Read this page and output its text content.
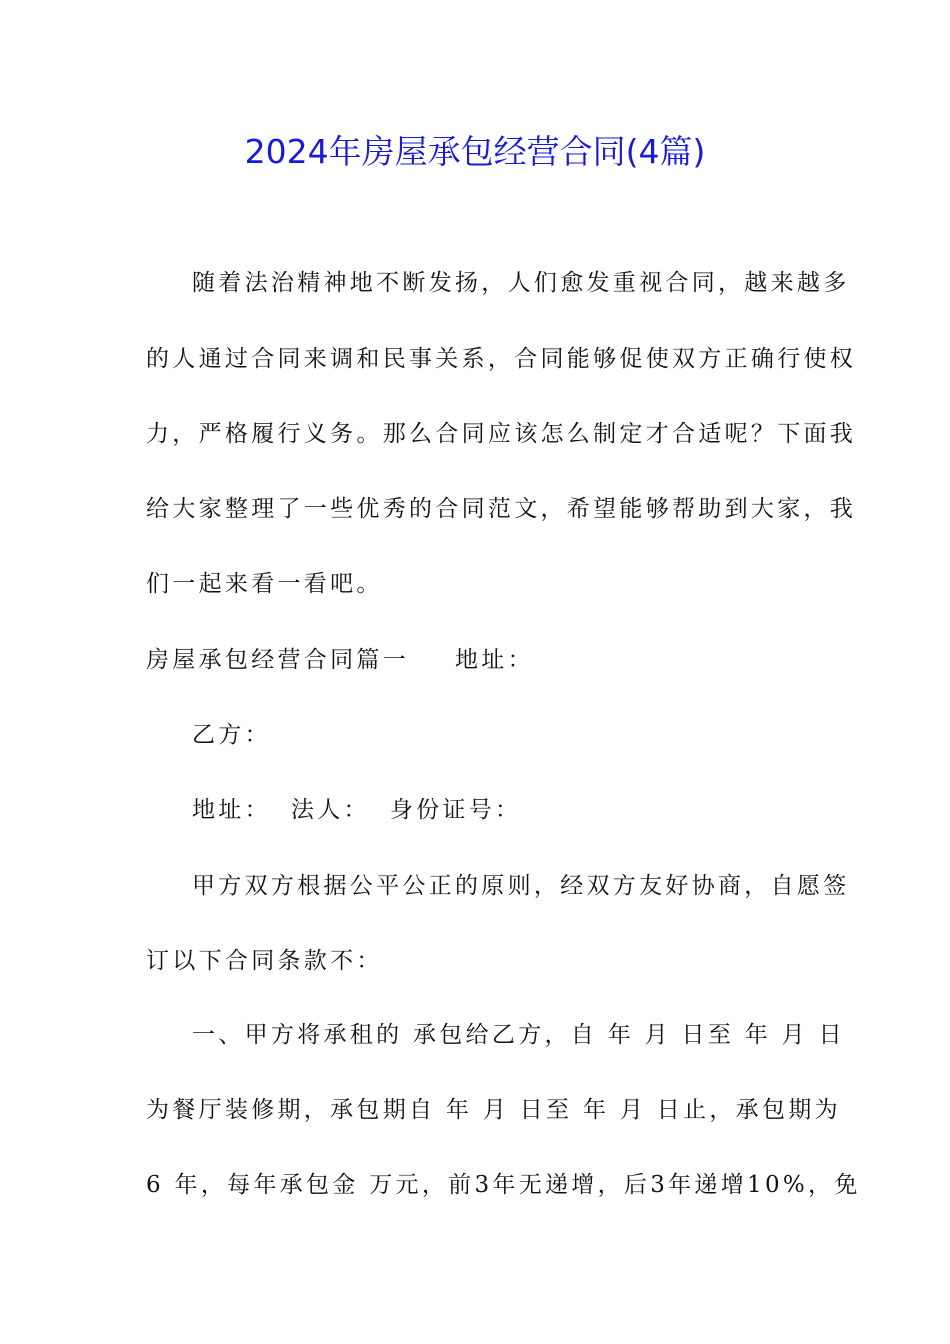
2024年房屋承包经营合同(4篇)
随着法治精神地不断发扬，人们愈发重视合同，越来越多
的人通过合同来调和民事关系，合同能够促使双方正确行使权
力，严格履行义务。那么合同应该怎么制定才合适呢？下面我
给大家整理了一些优秀的合同范文，希望能够帮助到大家，我
们一起来看一看吧。
房屋承包经营合同篇一 地址：
乙方：
地址： 法人： 身份证号：
甲方双方根据公平公正的原则，经双方友好协商，自愿签
订以下合同条款不：
一、甲方将承租的 承包给乙方，自 年 月 日至 年 月 日
为餐厅装修期，承包期自 年 月 日至 年 月 日止，承包期为
6 年，每年承包金 万元，前3年无递增，后3年递增10%，免
